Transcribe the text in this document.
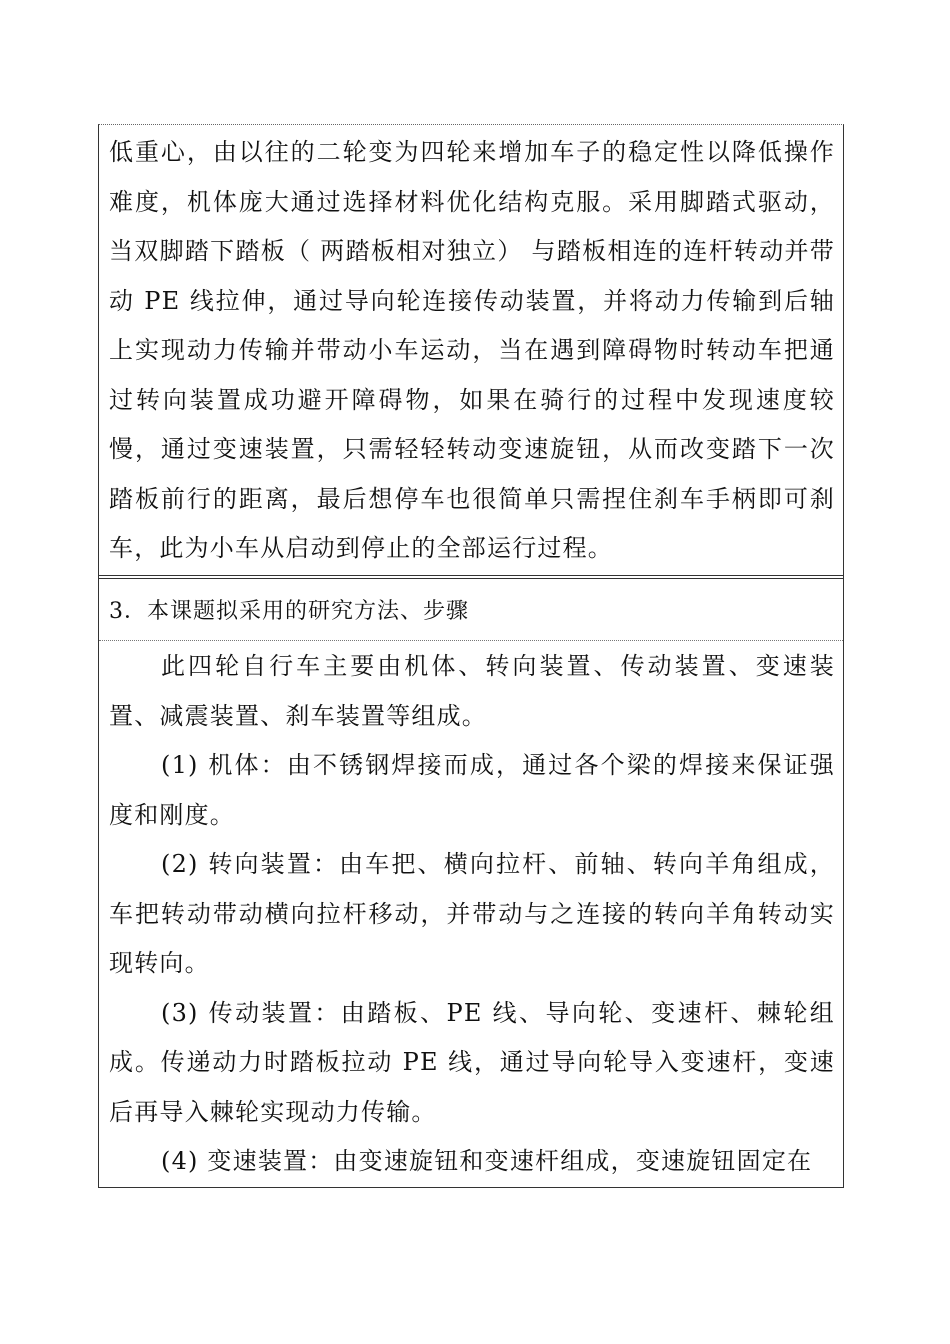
低重心，由以往的二轮变为四轮来增加车子的稳定性以降低操作难度，机体庞大通过选择材料优化结构克服。采用脚踏式驱动，当双脚踏下踏板（ 两踏板相对独立） 与踏板相连的连杆转动并带动 PE 线拉伸，通过导向轮连接传动装置，并将动力传输到后轴上实现动力传输并带动小车运动，当在遇到障碍物时转动车把通过转向装置成功避开障碍物，如果在骑行的过程中发现速度较慢，通过变速装置，只需轻轻转动变速旋钮，从而改变踏下一次踏板前行的距离，最后想停车也很简单只需捏住刹车手柄即可刹车，此为小车从启动到停止的全部运行过程。

3．本课题拟采用的研究方法、步骤

此四轮自行车主要由机体、转向装置、传动装置、变速装置、减震装置、刹车装置等组成。

(1) 机体：由不锈钢焊接而成，通过各个梁的焊接来保证强度和刚度。

(2) 转向装置：由车把、横向拉杆、前轴、转向羊角组成，车把转动带动横向拉杆移动，并带动与之连接的转向羊角转动实现转向。

(3) 传动装置：由踏板、PE 线、导向轮、变速杆、棘轮组成。传递动力时踏板拉动 PE 线，通过导向轮导入变速杆，变速后再导入棘轮实现动力传输。

(4) 变速装置：由变速旋钮和变速杆组成，变速旋钮固定在
